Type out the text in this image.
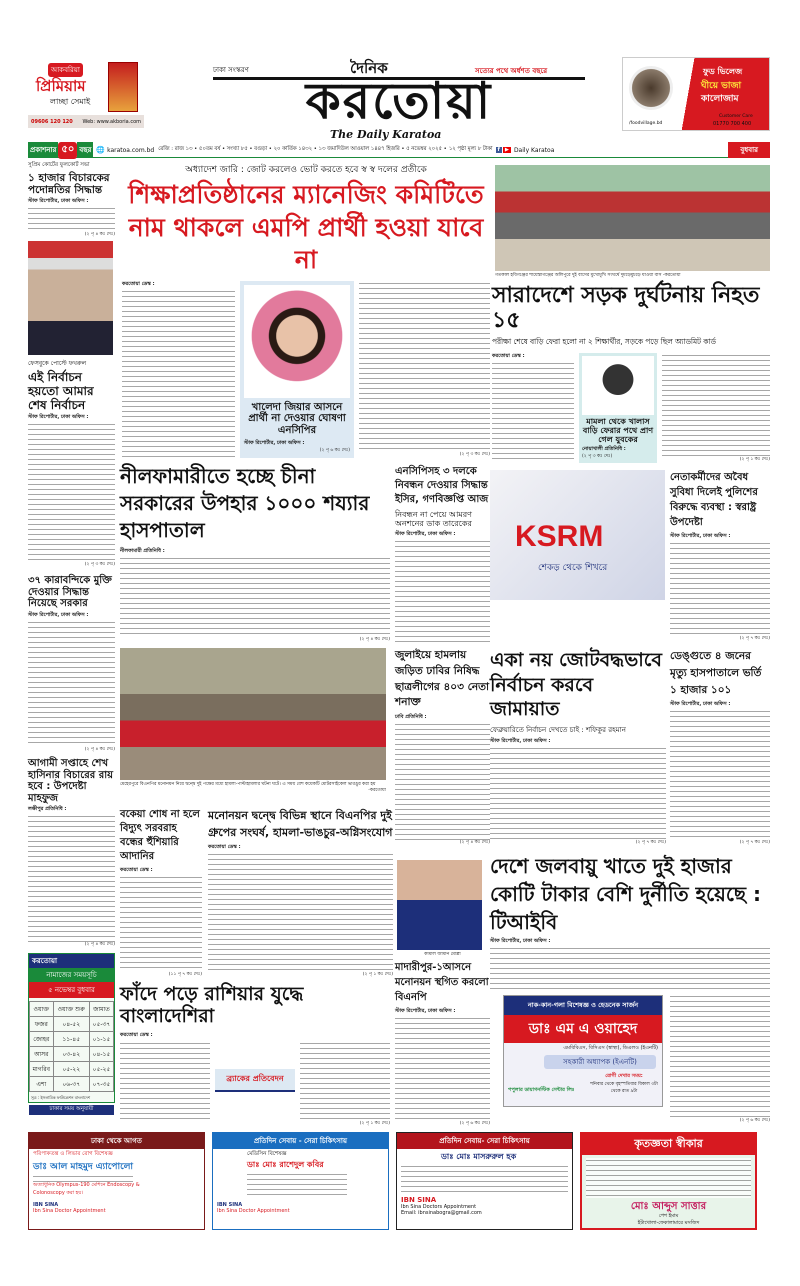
আকবরিয়া
প্রিমিয়াম
লাচ্ছা সেমাই
09606 120 120 Web: www.akboria.com
ঢাকা সংস্করণ	দৈনিক	সত্যের পথে অর্ধশত বছরে
করতোয়া
The Daily Karatoa
ফুড ভিলেজ
ঘীয়ে ভাজা
কালোজাম
Customer Care
01770 700 400
/foodvillage.bd
প্রকাশনার ৫০ বছর 🌐 karatoa.com.bd রেজি : রাজ ১৩ • ৫০তম বর্ষ • সংখ্যা ৮৫ • বগুড়া • ২০ কার্তিক ১৪৩২ • ১৩ জমাদিউল আওয়াল ১৪৪৭ হিজরি • ৫ নভেম্বর ২০২৫ • ১২ পৃষ্ঠা মূল্য ৮ টাকা f ▶ Daily Karatoa	বুধবার
সুপ্রিম কোর্টের ফুলকোর্ট সভা
১ হাজার বিচারকের পদোন্নতির সিদ্ধান্ত
স্টাফ রিপোর্টার, ঢাকা অফিস :
(২ পৃ ৪ কঃ দেঃ)
ফেসবুকে পোস্টে ফখরুল
এই নির্বাচন হয়তো আমার শেষ নির্বাচন
স্টাফ রিপোর্টার, ঢাকা অফিস :
(২ পৃ ৩ কঃ দেঃ)
৩৭ কারাবন্দিকে মুক্তি দেওয়ার সিদ্ধান্ত নিয়েছে সরকার
স্টাফ রিপোর্টার, ঢাকা অফিস :
(২ পৃ ৪ কঃ দেঃ)
আগামী সপ্তাহে শেখ হাসিনার বিচারের রায় হবে : উপদেষ্টা মাহফুজ
লক্ষীপুর প্রতিনিধি :
(২ পৃ ৪ কঃ দেঃ)
করতোয়া
নামাজের সময়সূচি
৫ নভেম্বর বুধবার
ওয়াক্ত	ওয়াক্ত শুরু	জামাত
ফজর	০৪-৫২	০৫-৩৭
জোহর	১১-৪৫	০১-১৫
আসর	০৩-৪২	০৪-১৫
মাগরিব	০৫-২২	০৫-২৫
এশা	০৬-৩৭	০৭-৩৫
সূত্র : ইসলামিক ফাউন্ডেশন বাংলাদেশ
ঢাকার সময় অনুযায়ী
অধ্যাদেশ জারি : জোট করলেও ভোট করতে হবে স্ব স্ব দলের প্রতীকে
শিক্ষাপ্রতিষ্ঠানের ম্যানেজিং কমিটিতে নাম থাকলে এমপি প্রার্থী হওয়া যাবে না
করতোয়া ডেস্ক :
খালেদা জিয়ার আসনে প্রার্থী না দেওয়ার ঘোষণা এনসিপির
স্টাফ রিপোর্টার, ঢাকা অফিস :
(২ পৃ ৬ কঃ দেঃ)
(২ পৃ ৩ কঃ দেঃ)
নীলফামারীতে হচ্ছে চীনা সরকারের উপহার ১০০০ শয্যার হাসপাতাল
নীলফামারী প্রতিনিধি :
(২ পৃ ৪ কঃ দেঃ)
এনসিপিসহ ৩ দলকে নিবন্ধন দেওয়ার সিদ্ধান্ত ইসির, গণবিজ্ঞপ্তি আজ
নিবন্ধন না পেয়ে আমরণ অনশনের ডাক তারেকের
স্টাফ রিপোর্টার, ঢাকা অফিস :
মেহেরপুরে বিএনপির মনোনয়ন নিয়ে দ্বন্দ্বে দুই পক্ষের মধ্যে হামলা-পাল্টাহামলার ঘটনা ঘটে। এ সময় বেশ কয়েকটি মোটরসাইকেল ভাঙচুর করা হয়
-করতোয়া
জুলাইয়ে হামলায় জড়িত ঢাবির নিষিদ্ধ ছাত্রলীগের ৪০৩ নেতা শনাক্ত
ঢাবি প্রতিনিধি :
(২ পৃ ৪ কঃ দেঃ)
বকেয়া শোধ না হলে বিদ্যুৎ সরবরাহ বন্ধের হুঁশিয়ারি আদানির
করতোয়া ডেস্ক :
(১১ পৃ ৭ কঃ দেঃ)
মনোনয়ন দ্বন্দ্বে বিভিন্ন স্থানে বিএনপির দুই গ্রুপের সংঘর্ষ, হামলা-ভাঙচুর-অগ্নিসংযোগ
করতোয়া ডেস্ক :
(২ পৃ ১ কঃ দেঃ)
কামাল জামান মোল্লা
মাদারীপুর-১আসনে মনোনয়ন স্থগিত করলো বিএনপি
স্টাফ রিপোর্টার, ঢাকা অফিস :
(২ পৃ ৬ কঃ দেঃ)
ফাঁদে পড়ে রাশিয়ার যুদ্ধে বাংলাদেশিরা
করতোয়া ডেস্ক :
ব্র্যাকের প্রতিবেদন
(২ পৃ ১ কঃ দেঃ)
গতকাল হবিগঞ্জের শায়েস্তাগঞ্জের অলিপুরে দুই বাসের মুখোমুখি সংঘর্ষে দুমড়েমুচড়ে যাওয়া বাস -করতোয়া
সারাদেশে সড়ক দুর্ঘটনায় নিহত ১৫
পরীক্ষা শেষে বাড়ি ফেরা হলো না ২ শিক্ষার্থীর, সড়কে পড়ে ছিল অ্যাডমিট কার্ড
করতোয়া ডেস্ক :
মামলা থেকে খালাস বাড়ি ফেরার পথে প্রাণ গেল যুবকের
নোয়াখালী প্রতিনিধি :
(২ পৃ ৩ কঃ দেঃ)
(২ পৃ ১ কঃ দেঃ)
KSRM
শেকড় থেকে শিখরে
নেতাকর্মীদের অবৈধ সুবিধা দিলেই পুলিশের বিরুদ্ধে ব্যবস্থা : স্বরাষ্ট্র উপদেষ্টা
স্টাফ রিপোর্টার, ঢাকা অফিস :
(২ পৃ ৭ কঃ দেঃ)
একা নয় জোটবদ্ধভাবে নির্বাচন করবে জামায়াত
ফেব্রুয়ারিতে নির্বাচন দেখতে চাই : শফিকুর রহমান
স্টাফ রিপোর্টার, ঢাকা অফিস :
(২ পৃ ৭ কঃ দেঃ)
ডেঙ্গুতে ৪ জনের মৃত্যু হাসপাতালে ভর্তি ১ হাজার ১০১
স্টাফ রিপোর্টার, ঢাকা অফিস :
(২ পৃ ৭ কঃ দেঃ)
দেশে জলবায়ু খাতে দুই হাজার কোটি টাকার বেশি দুর্নীতি হয়েছে : টিআইবি
স্টাফ রিপোর্টার, ঢাকা অফিস :
(২ পৃ ৬ কঃ দেঃ)
নাক-কান-গলা বিশেষজ্ঞ ও হেডনেক সার্জন
ডাঃ এম এ ওয়াহেদ
এমবিবিএস, বিসিএস (স্বাস্থ্য), ডিএলও (ইএনটি)
সহকারী অধ্যাপক (ইএনটি)
পপুলার ডায়াগনস্টিক সেন্টার লিঃ
রোগী দেখার সময়:
শনিবার থেকে বৃহস্পতিবার বিকাল ৩টা থেকে রাত ৯টা
ঢাকা থেকে আগত
পরিপাকতন্ত্র ও লিভার রোগ বিশেষজ্ঞ
ডাঃ আল মাহমুদ এ্যাপোলো
অত্যাধুনিক Olympus-190 মেশিনে Endoscopy & Colonoscopy করা হয়।
IBN SINA
Ibn Sina Doctor Appointment
প্রতিদিন সেবায় - সেরা চিকিৎসায়
মেডিসিন বিশেষজ্ঞ
ডাঃ মোঃ রাশেদুল কবির
IBN SINA
Ibn Sina Doctor Appointment
প্রতিদিন সেবায়- সেরা চিকিৎসায়
ডাঃ মোঃ মাসরুরুল হক
IBN SINA
Ibn Sina Doctors Appointment
Email: ibnsinabogra@gmail.com
কৃতজ্ঞতা স্বীকার
মোঃ আব্দুস সাত্তার
পেশ ইমাম
ইটাখোলা-ফেকালামারে মসজিদ
